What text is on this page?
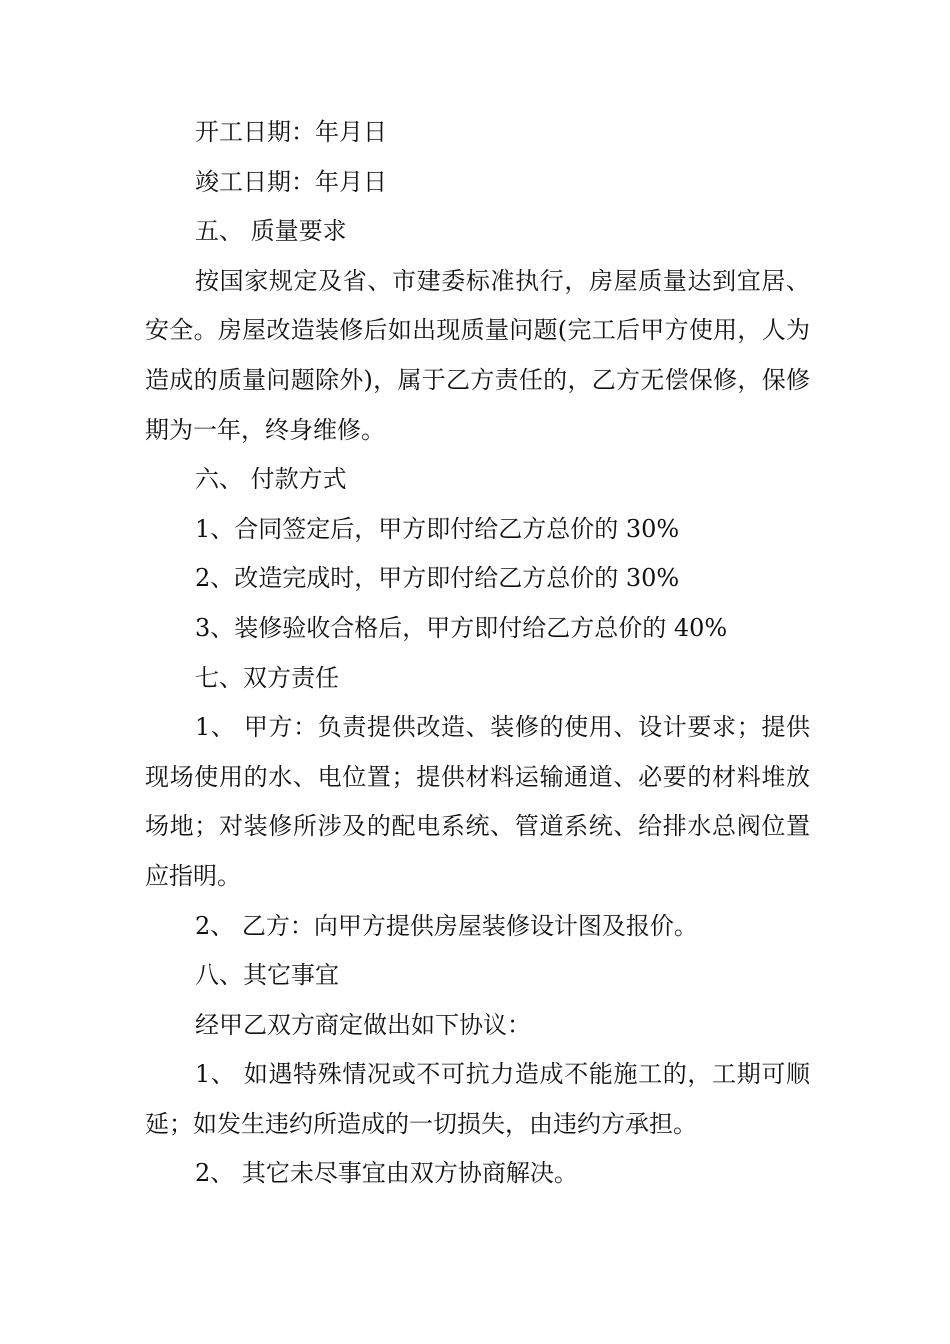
开工日期：年月日

竣工日期：年月日

五、 质量要求

按国家规定及省、市建委标准执行，房屋质量达到宜居、安全。房屋改造装修后如出现质量问题(完工后甲方使用，人为造成的质量问题除外)，属于乙方责任的，乙方无偿保修，保修期为一年，终身维修。

六、 付款方式

1、合同签定后，甲方即付给乙方总价的 30%

2、改造完成时，甲方即付给乙方总价的 30%

3、装修验收合格后，甲方即付给乙方总价的 40%

七、双方责任

1、 甲方：负责提供改造、装修的使用、设计要求；提供现场使用的水、电位置；提供材料运输通道、必要的材料堆放场地；对装修所涉及的配电系统、管道系统、给排水总阀位置应指明。

2、 乙方：向甲方提供房屋装修设计图及报价。

八、其它事宜

经甲乙双方商定做出如下协议：

1、 如遇特殊情况或不可抗力造成不能施工的，工期可顺延；如发生违约所造成的一切损失，由违约方承担。

2、 其它未尽事宜由双方协商解决。
